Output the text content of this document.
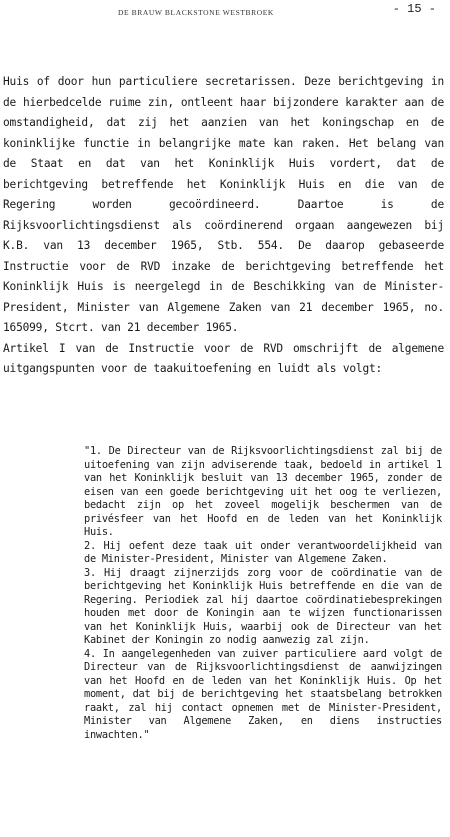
DE BRAUW BLACKSTONE WESTBROEK	- 15 -

Huis of door hun particuliere secretarissen. Deze berichtgeving in de hierbedcelde ruime zin, ontleent haar bijzondere karakter aan de omstandigheid, dat zij het aanzien van het koningschap en de koninklijke functie in belangrijke mate kan raken. Het belang van de Staat en dat van het Koninklijk Huis vordert, dat de berichtgeving betreffende het Koninklijk Huis en die van de Regering worden gecoördineerd. Daartoe is de Rijksvoorlichtingsdienst als coördinerend orgaan aangewezen bij K.B. van 13 december 1965, Stb. 554. De daarop gebaseerde Instructie voor de RVD inzake de berichtgeving betreffende het Koninklijk Huis is neergelegd in de Beschikking van de Minister-President, Minister van Algemene Zaken van 21 december 1965, no. 165099, Stcrt. van 21 december 1965.

Artikel I van de Instructie voor de RVD omschrijft de algemene uitgangspunten voor de taakuitoefening en luidt als volgt:

"1. De Directeur van de Rijksvoorlichtingsdienst zal bij de uitoefening van zijn adviserende taak, bedoeld in artikel 1 van het Koninklijk besluit van 13 december 1965, zonder de eisen van een goede berichtgeving uit het oog te verliezen, bedacht zijn op het zoveel mogelijk beschermen van de privésfeer van het Hoofd en de leden van het Koninklijk Huis.

2. Hij oefent deze taak uit onder verantwoordelijkheid van de Minister-President, Minister van Algemene Zaken.

3. Hij draagt zijnerzijds zorg voor de coördinatie van de berichtgeving het Koninklijk Huis betreffende en die van de Regering. Periodiek zal hij daartoe coördinatiebesprekingen houden met door de Koningin aan te wijzen functionarissen van het Koninklijk Huis, waarbij ook de Directeur van het Kabinet der Koningin zo nodig aanwezig zal zijn.

4. In aangelegenheden van zuiver particuliere aard volgt de Directeur van de Rijksvoorlichtingsdienst de aanwijzingen van het Hoofd en de leden van het Koninklijk Huis. Op het moment, dat bij de berichtgeving het staatsbelang betrokken raakt, zal hij contact opnemen met de Minister-President, Minister van Algemene Zaken, en diens instructies inwachten."
